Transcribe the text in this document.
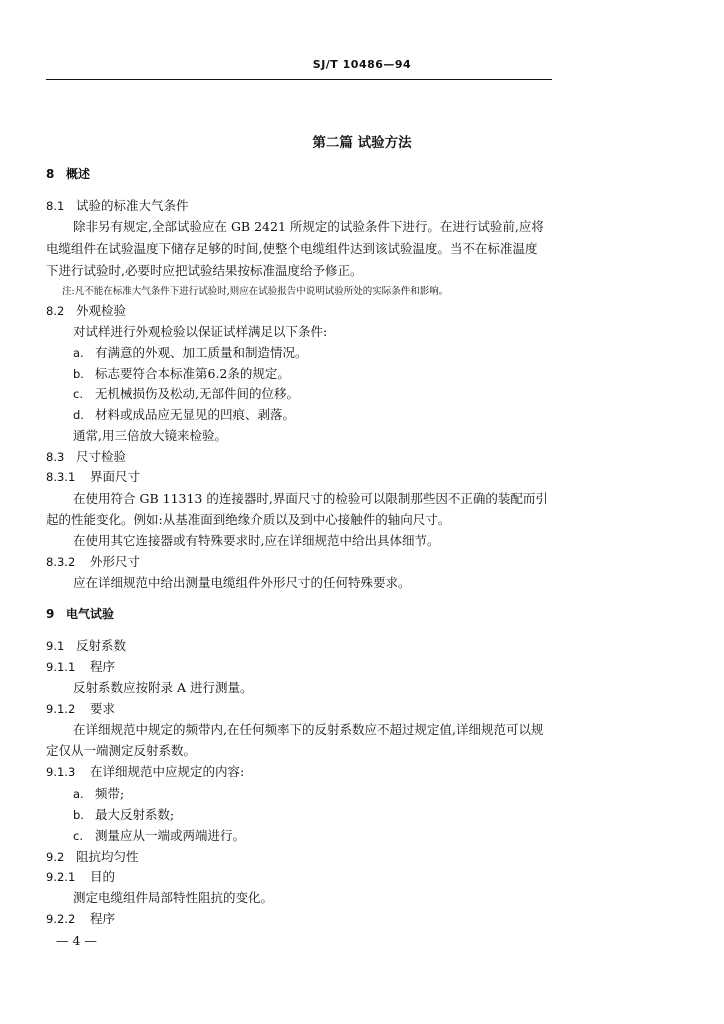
SJ/T 10486—94
第二篇 试验方法
8 概述
8.1 试验的标准大气条件
除非另有规定,全部试验应在 GB 2421 所规定的试验条件下进行。在进行试验前,应将
电缆组件在试验温度下储存足够的时间,使整个电缆组件达到该试验温度。当不在标准温度
下进行试验时,必要时应把试验结果按标准温度给予修正。
注:凡不能在标准大气条件下进行试验时,则应在试验报告中说明试验所处的实际条件和影响。
8.2 外观检验
对试样进行外观检验以保证试样满足以下条件:
a. 有满意的外观、加工质量和制造情况。
b. 标志要符合本标准第6.2条的规定。
c. 无机械损伤及松动,无部件间的位移。
d. 材料或成品应无显见的凹痕、剥落。
通常,用三倍放大镜来检验。
8.3 尺寸检验
8.3.1 界面尺寸
在使用符合 GB 11313 的连接器时,界面尺寸的检验可以限制那些因不正确的装配而引
起的性能变化。例如:从基准面到绝缘介质以及到中心接触件的轴向尺寸。
在使用其它连接器或有特殊要求时,应在详细规范中给出具体细节。
8.3.2 外形尺寸
应在详细规范中给出测量电缆组件外形尺寸的任何特殊要求。
9 电气试验
9.1 反射系数
9.1.1 程序
反射系数应按附录 A 进行测量。
9.1.2 要求
在详细规范中规定的频带内,在任何频率下的反射系数应不超过规定值,详细规范可以规
定仅从一端测定反射系数。
9.1.3 在详细规范中应规定的内容:
a. 频带;
b. 最大反射系数;
c. 测量应从一端或两端进行。
9.2 阻抗均匀性
9.2.1 目的
测定电缆组件局部特性阻抗的变化。
9.2.2 程序
— 4 —
